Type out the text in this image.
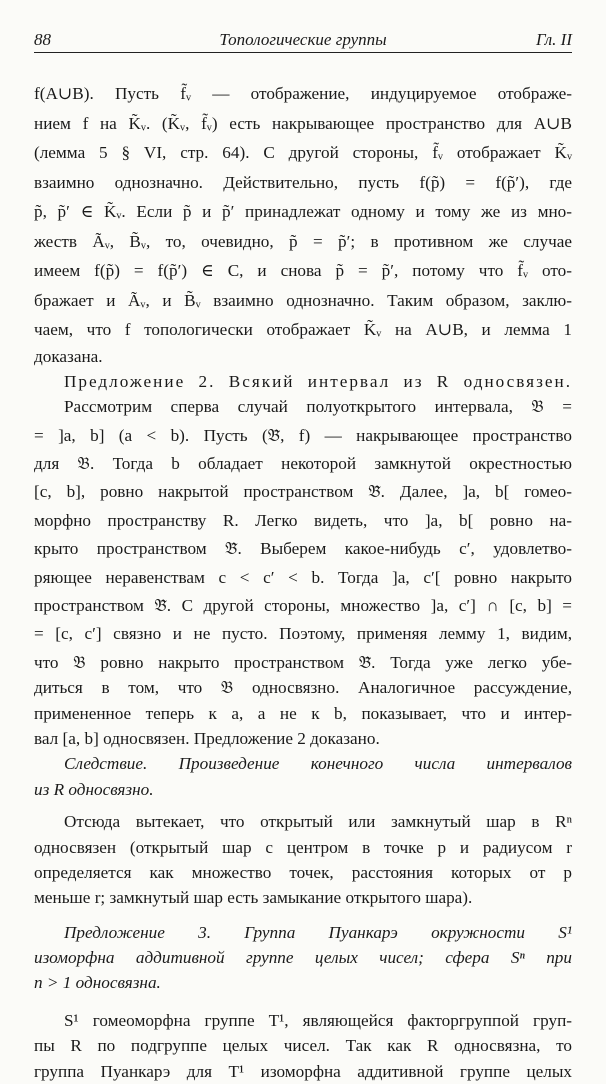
88	Топологические группы	Гл. II
f(A∪B). Пусть f̃ᵥ — отображение, индуцируемое отображе-
нием f на K̃ᵥ. (K̃ᵥ, f̃ᵥ) есть накрывающее пространство для A∪B
(лемма 5 § VI, стр. 64). С другой стороны, f̃ᵥ отображает K̃ᵥ
взаимно однозначно. Действительно, пусть f(p̃) = f(p̃′), где
p̃, p̃′ ∈ K̃ᵥ. Если p̃ и p̃′ принадлежат одному и тому же из мно-
жеств Ãᵥ, B̃ᵥ, то, очевидно, p̃ = p̃′; в противном же случае
имеем f(p̃) = f(p̃′) ∈ C, и снова p̃ = p̃′, потому что f̃ᵥ ото-
бражает и Ãᵥ, и B̃ᵥ взаимно однозначно. Таким образом, заклю-
чаем, что f топологически отображает K̃ᵥ на A∪B, и лемма 1
доказана.
Предложение 2. Всякий интервал из R односвязен.
Рассмотрим сперва случай полуоткрытого интервала, 𝔅 =
= ]a, b] (a < b). Пусть (𝔅̃, f) — накрывающее пространство
для 𝔅. Тогда b обладает некоторой замкнутой окрестностью
[c, b], ровно накрытой пространством 𝔅̃. Далее, ]a, b[ гомео-
морфно пространству R. Легко видеть, что ]a, b[ ровно на-
крыто пространством 𝔅̃. Выберем какое-нибудь c′, удовлетво-
ряющее неравенствам c < c′ < b. Тогда ]a, c′[ ровно накрыто
пространством 𝔅̃. С другой стороны, множество ]a, c′] ∩ [c, b] =
= [c, c′] связно и не пусто. Поэтому, применяя лемму 1, видим,
что 𝔅 ровно накрыто пространством 𝔅̃. Тогда уже легко убе-
диться в том, что 𝔅 односвязно. Аналогичное рассуждение,
примененное теперь к a, а не к b, показывает, что и интер-
вал [a, b] односвязен. Предложение 2 доказано.
Следствие. Произведение конечного числа интервалов
из R односвязно.
Отсюда вытекает, что открытый или замкнутый шар в Rⁿ
односвязен (открытый шар с центром в точке p и радиусом r
определяется как множество точек, расстояния которых от p
меньше r; замкнутый шар есть замыкание открытого шара).
Предложение 3. Группа Пуанкарэ окружности S¹
изоморфна аддитивной группе целых чисел; сфера Sⁿ при
n > 1 односвязна.
S¹ гомеоморфна группе T¹, являющейся факторгруппой груп-
пы R по подгруппе целых чисел. Так как R односвязна, то
группа Пуанкарэ для T¹ изоморфна аддитивной группе целых
